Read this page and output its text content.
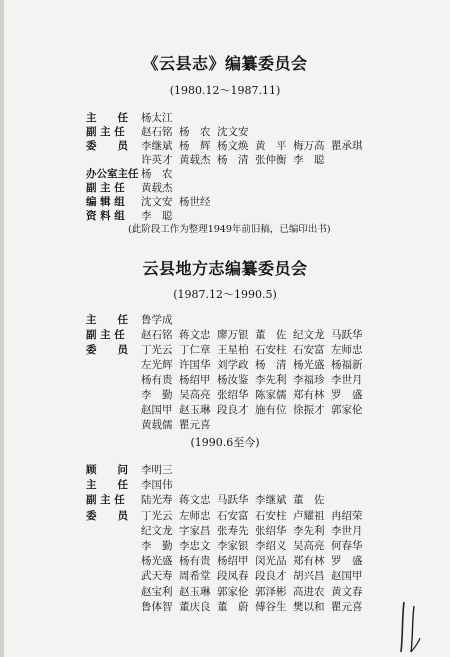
《云县志》编纂委员会
(1980.12～1987.11)
主　　任	杨太江
副 主 任	赵石铭 杨　农 沈文安
委　　员	李继斌 杨　辉 杨文焕 黄　平 梅万高 瞿承琪
许英才 黄载杰 杨　清 张仲衡 李　聪
办公室主任 杨　农
副 主 任	黄载杰
编 辑 组	沈文安 杨世经
资 料 组	李　聪
(此阶段工作为整理1949年前旧稿，已编印出书)
云县地方志编纂委员会
(1987.12～1990.5)
主　　任	鲁学成
副 主 任	赵石铭 蒋文忠 廖万银 董　佐 纪文龙 马跃华
委　　员	丁光云 丁仁章 王星柏 石安柱 石安富 左师忠
左光辉 许国华 刘学政 杨　清 杨光盛 杨福新
杨有贵 杨绍甲 杨汝鉴 李先利 李福珍 李世月
李　勤 吴高亮 张绍华 陈家儒 郑有林 罗　盛
赵国甲 赵玉琳 段良才 施有位 徐振才 郭家伦
黄载儒 瞿元喜
(1990.6至今)
顾　　问	李明三
主　　任	李国伟
副 主 任	陆光寿 蒋文忠 马跃华 李继斌 董　佐
委　　员	丁光云 左师忠 石安富 石安柱 卢耀祖 冉绍荣
纪文龙 字家昌 张寿先 张绍华 李先利 李世月
李　勤 李忠文 李家银 李绍义 吴高亮 何春华
杨光盛 杨有贵 杨绍甲 闵光品 郑有林 罗　盛
武天寿 周希堂 段凤春 段良才 胡兴昌 赵国甲
赵宝利 赵玉琳 郭家伦 郭泽彬 高进农 黄文春
鲁体智 董庆良 董　蔚 傅谷生 樊以和 瞿元喜
